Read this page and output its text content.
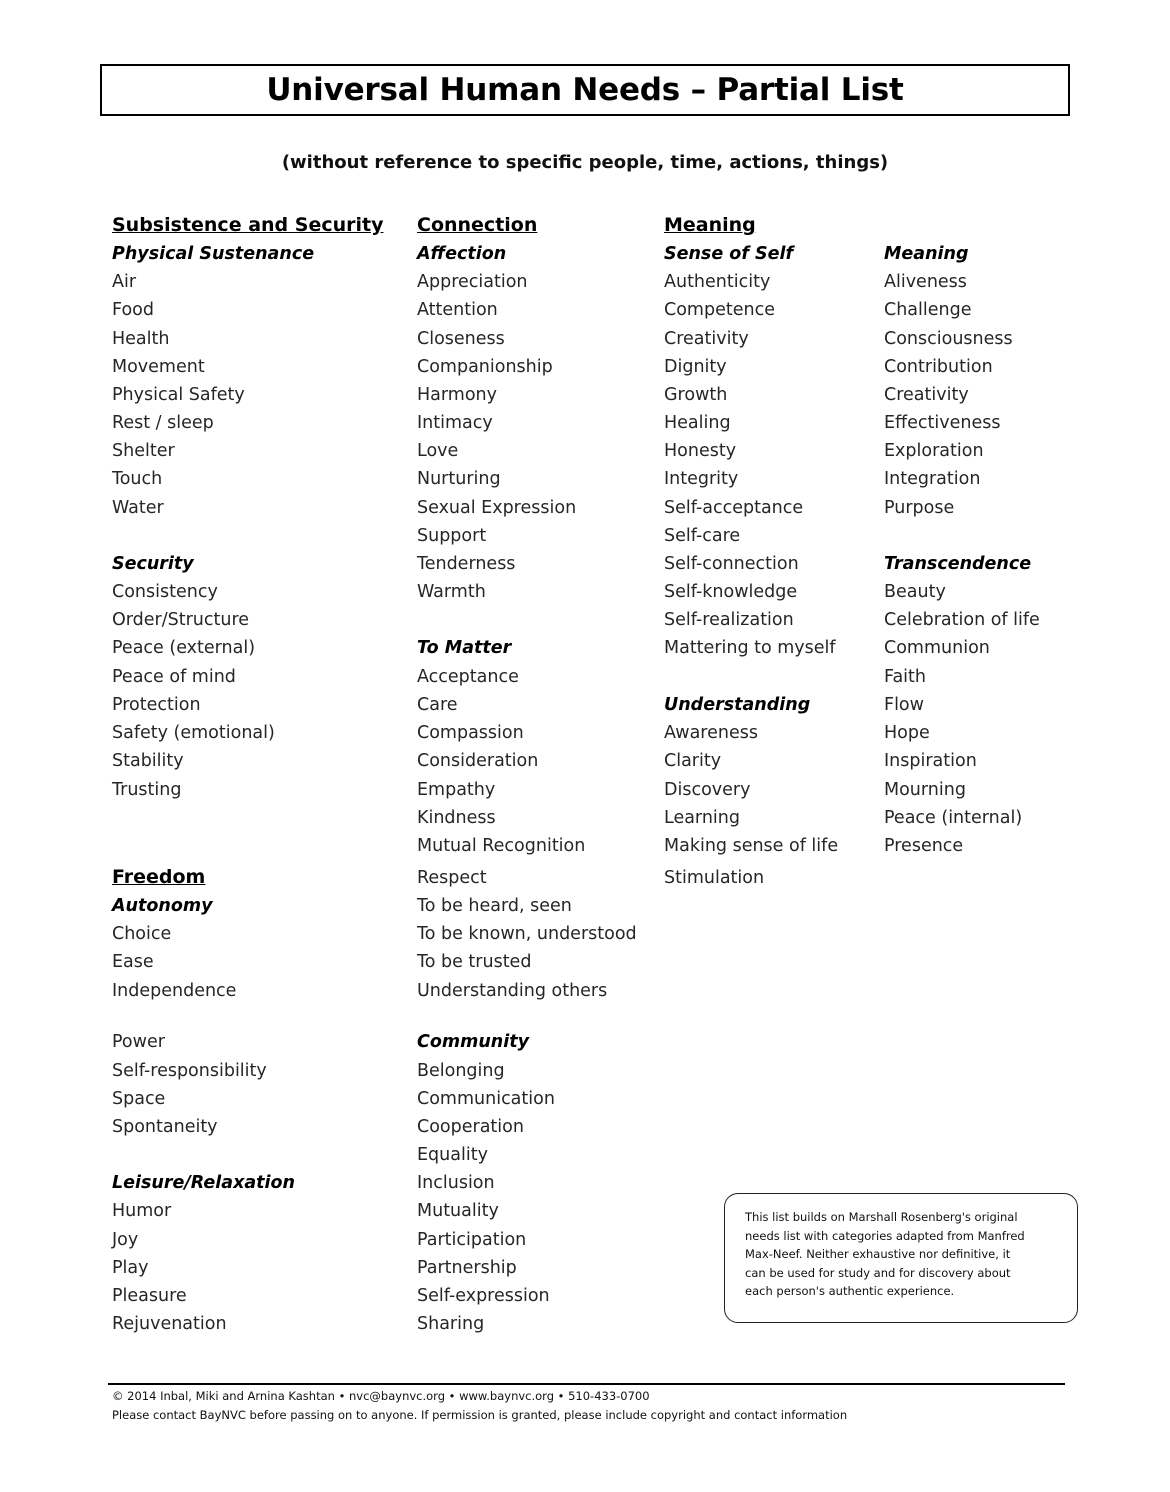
Universal Human Needs – Partial List
(without reference to specific people, time, actions, things)
Subsistence and Security
Physical Sustenance
Air
Food
Health
Movement
Physical Safety
Rest / sleep
Shelter
Touch
Water
Security
Consistency
Order/Structure
Peace (external)
Peace of mind
Protection
Safety (emotional)
Stability
Trusting
Freedom
Autonomy
Choice
Ease
Independence
Power
Self-responsibility
Space
Spontaneity
Leisure/Relaxation
Humor
Joy
Play
Pleasure
Rejuvenation
Connection
Affection
Appreciation
Attention
Closeness
Companionship
Harmony
Intimacy
Love
Nurturing
Sexual Expression
Support
Tenderness
Warmth
To Matter
Acceptance
Care
Compassion
Consideration
Empathy
Kindness
Mutual Recognition
Respect
To be heard, seen
To be known, understood
To be trusted
Understanding others
Community
Belonging
Communication
Cooperation
Equality
Inclusion
Mutuality
Participation
Partnership
Self-expression
Sharing
Meaning
Sense of Self
Authenticity
Competence
Creativity
Dignity
Growth
Healing
Honesty
Integrity
Self-acceptance
Self-care
Self-connection
Self-knowledge
Self-realization
Mattering to myself
Understanding
Awareness
Clarity
Discovery
Learning
Making sense of life
Stimulation
Meaning
Aliveness
Challenge
Consciousness
Contribution
Creativity
Effectiveness
Exploration
Integration
Purpose
Transcendence
Beauty
Celebration of life
Communion
Faith
Flow
Hope
Inspiration
Mourning
Peace (internal)
Presence
This list builds on Marshall Rosenberg's original
needs list with categories adapted from Manfred
Max-Neef. Neither exhaustive nor definitive, it
can be used for study and for discovery about
each person's authentic experience.
© 2014 Inbal, Miki and Arnina Kashtan • nvc@baynvc.org • www.baynvc.org • 510-433-0700
Please contact BayNVC before passing on to anyone. If permission is granted, please include copyright and contact information
